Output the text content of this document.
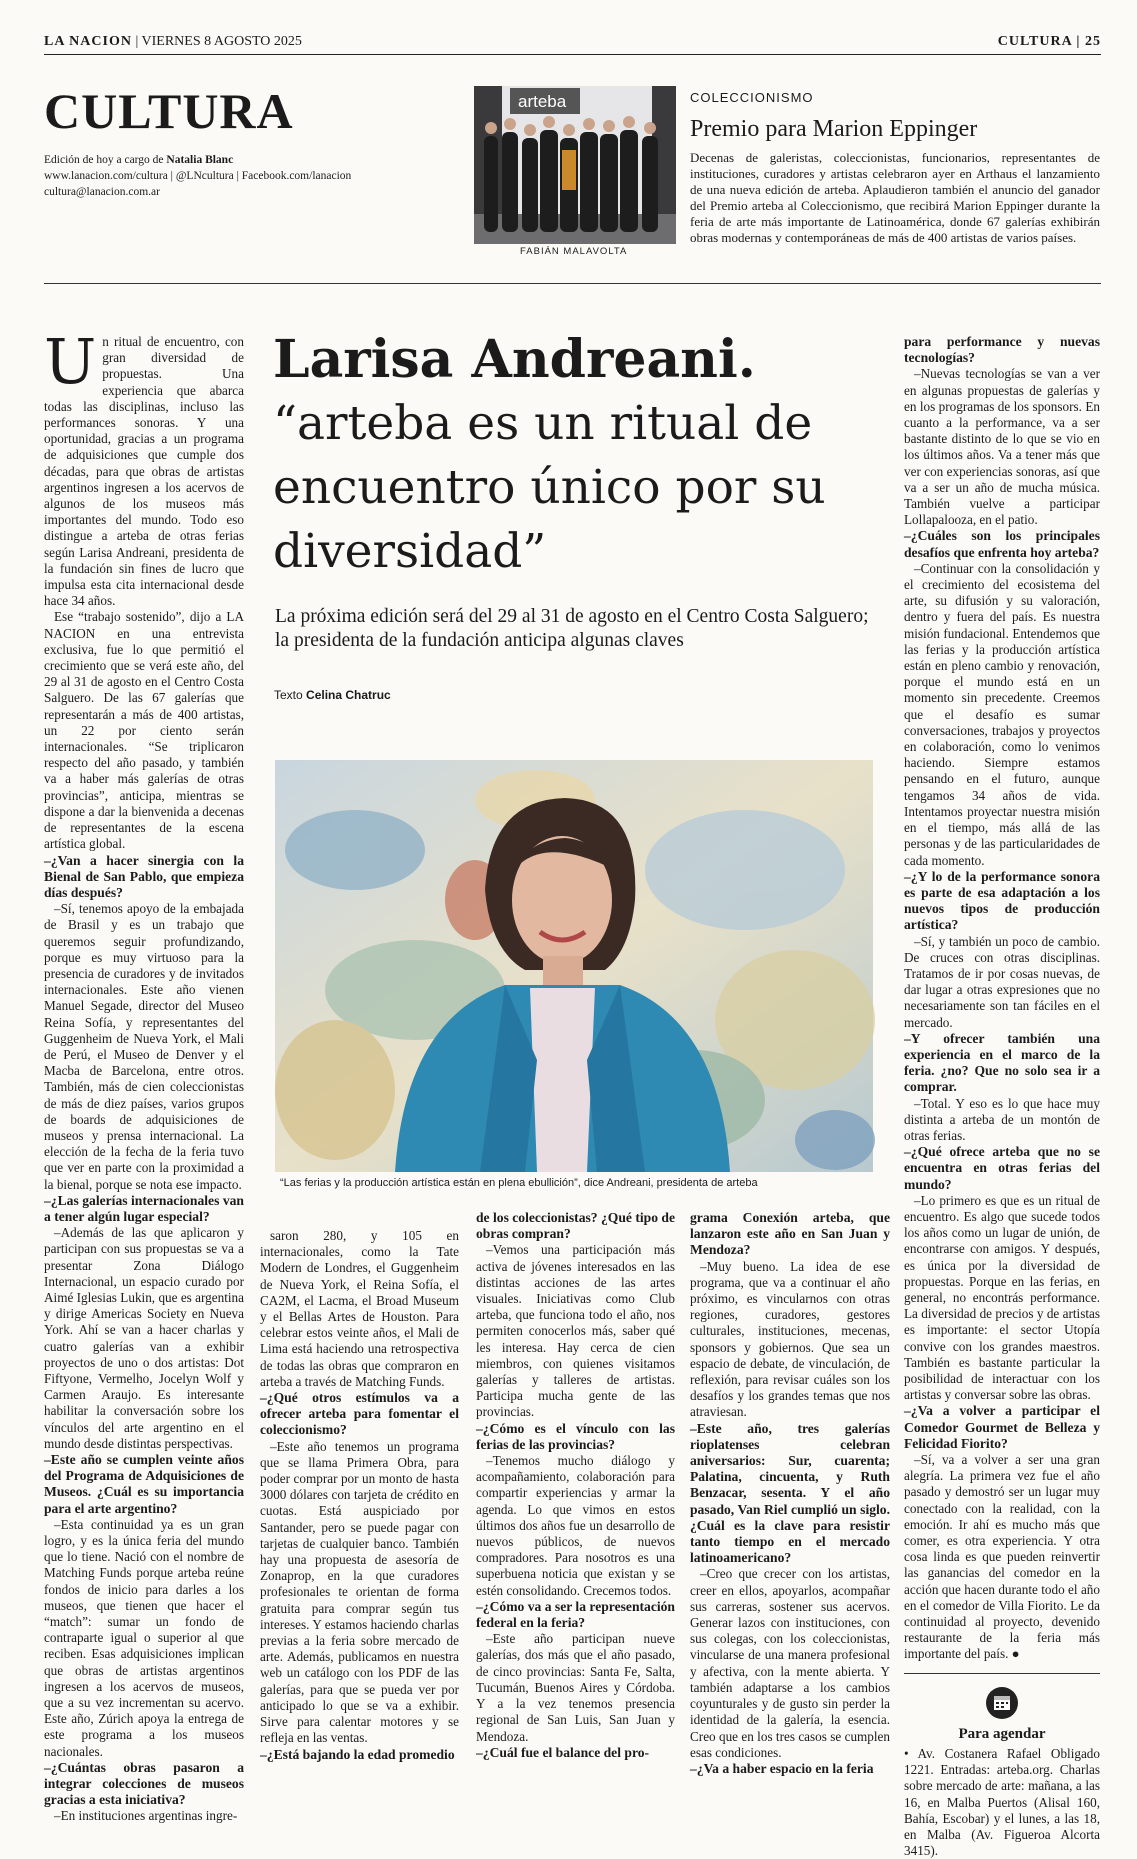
LA NACION | VIERNES 8 AGOSTO 2025	CULTURA | 25
CULTURA
Edición de hoy a cargo de Natalia Blanc
www.lanacion.com/cultura | @LNcultura | Facebook.com/lanacion
cultura@lanacion.com.ar
arteba
FABIÁN MALAVOLTA
COLECCIONISMO
Premio para Marion Eppinger
Decenas de galeristas, coleccionistas, funcionarios, representantes de instituciones, curadores y artistas celebraron ayer en Arthaus el lanzamiento de una nueva edición de arteba. Aplaudieron también el anuncio del ganador del Premio arteba al Coleccionismo, que recibirá Marion Eppinger durante la feria de arte más importante de Latinoamérica, donde 67 galerías exhibirán obras modernas y contemporáneas de más de 400 artistas de varios países.
Larisa Andreani.
“arteba es un ritual de encuentro único por su diversidad”
La próxima edición será del 29 al 31 de agosto en el Centro Costa Salguero; la presidenta de la fundación anticipa algunas claves
Texto Celina Chatruc
“Las ferias y la producción artística están en plena ebullición”, dice Andreani, presidenta de arteba

Un ritual de encuentro, con gran diversidad de propuestas. Una experiencia que abarca todas las disciplinas, incluso las performances sonoras. Y una oportunidad, gracias a un programa de adquisiciones que cumple dos décadas, para que obras de artistas argentinos ingresen a los acervos de algunos de los museos más importantes del mundo. Todo eso distingue a arteba de otras ferias según Larisa Andreani, presidenta de la fundación sin fines de lucro que impulsa esta cita internacional desde hace 34 años.

Ese “trabajo sostenido”, dijo a LA NACION en una entrevista exclusiva, fue lo que permitió el crecimiento que se verá este año, del 29 al 31 de agosto en el Centro Costa Salguero. De las 67 galerías que representarán a más de 400 artistas, un 22 por ciento serán internacionales. “Se triplicaron respecto del año pasado, y también va a haber más galerías de otras provincias”, anticipa, mientras se dispone a dar la bienvenida a decenas de representantes de la escena artística global.

–¿Van a hacer sinergia con la Bienal de San Pablo, que empieza días después?

–Sí, tenemos apoyo de la embajada de Brasil y es un trabajo que queremos seguir profundizando, porque es muy virtuoso para la presencia de curadores y de invitados internacionales. Este año vienen Manuel Segade, director del Museo Reina Sofía, y representantes del Guggenheim de Nueva York, el Mali de Perú, el Museo de Denver y el Macba de Barcelona, entre otros. También, más de cien coleccionistas de más de diez países, varios grupos de boards de adquisiciones de museos y prensa internacional. La elección de la fecha de la feria tuvo que ver en parte con la proximidad a la bienal, porque se nota ese impacto.

–¿Las galerías internacionales van a tener algún lugar especial?

–Además de las que aplicaron y participan con sus propuestas se va a presentar Zona Diálogo Internacional, un espacio curado por Aimé Iglesias Lukin, que es argentina y dirige Americas Society en Nueva York. Ahí se van a hacer charlas y cuatro galerías van a exhibir proyectos de uno o dos artistas: Dot Fiftyone, Vermelho, Jocelyn Wolf y Carmen Araujo. Es interesante habilitar la conversación sobre los vínculos del arte argentino en el mundo desde distintas perspectivas.

–Este año se cumplen veinte años del Programa de Adquisiciones de Museos. ¿Cuál es su importancia para el arte argentino?

–Esta continuidad ya es un gran logro, y es la única feria del mundo que lo tiene. Nació con el nombre de Matching Funds porque arteba reúne fondos de inicio para darles a los museos, que tienen que hacer el “match”: sumar un fondo de contraparte igual o superior al que reciben. Esas adquisiciones implican que obras de artistas argentinos ingresen a los acervos de museos, que a su vez incrementan su acervo. Este año, Zúrich apoya la entrega de este programa a los museos nacionales.

–¿Cuántas obras pasaron a integrar colecciones de museos gracias a esta iniciativa?

–En instituciones argentinas ingre-

saron 280, y 105 en internacionales, como la Tate Modern de Londres, el Guggenheim de Nueva York, el Reina Sofía, el CA2M, el Lacma, el Broad Museum y el Bellas Artes de Houston. Para celebrar estos veinte años, el Mali de Lima está haciendo una retrospectiva de todas las obras que compraron en arteba a través de Matching Funds.

–¿Qué otros estímulos va a ofrecer arteba para fomentar el coleccionismo?

–Este año tenemos un programa que se llama Primera Obra, para poder comprar por un monto de hasta 3000 dólares con tarjeta de crédito en cuotas. Está auspiciado por Santander, pero se puede pagar con tarjetas de cualquier banco. También hay una propuesta de asesoría de Zonaprop, en la que curadores profesionales te orientan de forma gratuita para comprar según tus intereses. Y estamos haciendo charlas previas a la feria sobre mercado de arte. Además, publicamos en nuestra web un catálogo con los PDF de las galerías, para que se pueda ver por anticipado lo que se va a exhibir. Sirve para calentar motores y se refleja en las ventas.

–¿Está bajando la edad promedio

de los coleccionistas? ¿Qué tipo de obras compran?

–Vemos una participación más activa de jóvenes interesados en las distintas acciones de las artes visuales. Iniciativas como Club arteba, que funciona todo el año, nos permiten conocerlos más, saber qué les interesa. Hay cerca de cien miembros, con quienes visitamos galerías y talleres de artistas. Participa mucha gente de las provincias.

–¿Cómo es el vínculo con las ferias de las provincias?

–Tenemos mucho diálogo y acompañamiento, colaboración para compartir experiencias y armar la agenda. Lo que vimos en estos últimos dos años fue un desarrollo de nuevos públicos, de nuevos compradores. Para nosotros es una superbuena noticia que existan y se estén consolidando. Crecemos todos.

–¿Cómo va a ser la representación federal en la feria?

–Este año participan nueve galerías, dos más que el año pasado, de cinco provincias: Santa Fe, Salta, Tucumán, Buenos Aires y Córdoba. Y a la vez tenemos presencia regional de San Luis, San Juan y Mendoza.

–¿Cuál fue el balance del pro-

grama Conexión arteba, que lanzaron este año en San Juan y Mendoza?

–Muy bueno. La idea de ese programa, que va a continuar el año próximo, es vincularnos con otras regiones, curadores, gestores culturales, instituciones, mecenas, sponsors y gobiernos. Que sea un espacio de debate, de vinculación, de reflexión, para revisar cuáles son los desafíos y los grandes temas que nos atraviesan.

–Este año, tres galerías rioplatenses celebran aniversarios: Sur, cuarenta; Palatina, cincuenta, y Ruth Benzacar, sesenta. Y el año pasado, Van Riel cumplió un siglo. ¿Cuál es la clave para resistir tanto tiempo en el mercado latinoamericano?

–Creo que crecer con los artistas, creer en ellos, apoyarlos, acompañar sus carreras, sostener sus acervos. Generar lazos con instituciones, con sus colegas, con los coleccionistas, vincularse de una manera profesional y afectiva, con la mente abierta. Y también adaptarse a los cambios coyunturales y de gusto sin perder la identidad de la galería, la esencia. Creo que en los tres casos se cumplen esas condiciones.

–¿Va a haber espacio en la feria

para performance y nuevas tecnologías?

–Nuevas tecnologías se van a ver en algunas propuestas de galerías y en los programas de los sponsors. En cuanto a la performance, va a ser bastante distinto de lo que se vio en los últimos años. Va a tener más que ver con experiencias sonoras, así que va a ser un año de mucha música. También vuelve a participar Lollapalooza, en el patio.

–¿Cuáles son los principales desafíos que enfrenta hoy arteba?

–Continuar con la consolidación y el crecimiento del ecosistema del arte, su difusión y su valoración, dentro y fuera del país. Es nuestra misión fundacional. Entendemos que las ferias y la producción artística están en pleno cambio y renovación, porque el mundo está en un momento sin precedente. Creemos que el desafío es sumar conversaciones, trabajos y proyectos en colaboración, como lo venimos haciendo. Siempre estamos pensando en el futuro, aunque tengamos 34 años de vida. Intentamos proyectar nuestra misión en el tiempo, más allá de las personas y de las particularidades de cada momento.

–¿Y lo de la performance sonora es parte de esa adaptación a los nuevos tipos de producción artística?

–Sí, y también un poco de cambio. De cruces con otras disciplinas. Tratamos de ir por cosas nuevas, de dar lugar a otras expresiones que no necesariamente son tan fáciles en el mercado.

–Y ofrecer también una experiencia en el marco de la feria. ¿no? Que no solo sea ir a comprar.

–Total. Y eso es lo que hace muy distinta a arteba de un montón de otras ferias.

–¿Qué ofrece arteba que no se encuentra en otras ferias del mundo?

–Lo primero es que es un ritual de encuentro. Es algo que sucede todos los años como un lugar de unión, de encontrarse con amigos. Y después, es única por la diversidad de propuestas. Porque en las ferias, en general, no encontrás performance. La diversidad de precios y de artistas es importante: el sector Utopía convive con los grandes maestros. También es bastante particular la posibilidad de interactuar con los artistas y conversar sobre las obras.

–¿Va a volver a participar el Comedor Gourmet de Belleza y Felicidad Fiorito?

–Sí, va a volver a ser una gran alegría. La primera vez fue el año pasado y demostró ser un lugar muy conectado con la realidad, con la emoción. Ir ahí es mucho más que comer, es otra experiencia. Y otra cosa linda es que pueden reinvertir las ganancias del comedor en la acción que hacen durante todo el año en el comedor de Villa Fiorito. Le da continuidad al proyecto, devenido restaurante de la feria más importante del país. ●

Para agendar

• Av. Costanera Rafael Obligado 1221. Entradas: arteba.org. Charlas sobre mercado de arte: mañana, a las 16, en Malba Puertos (Alisal 160, Bahía, Escobar) y el lunes, a las 18, en Malba (Av. Figueroa Alcorta 3415).
